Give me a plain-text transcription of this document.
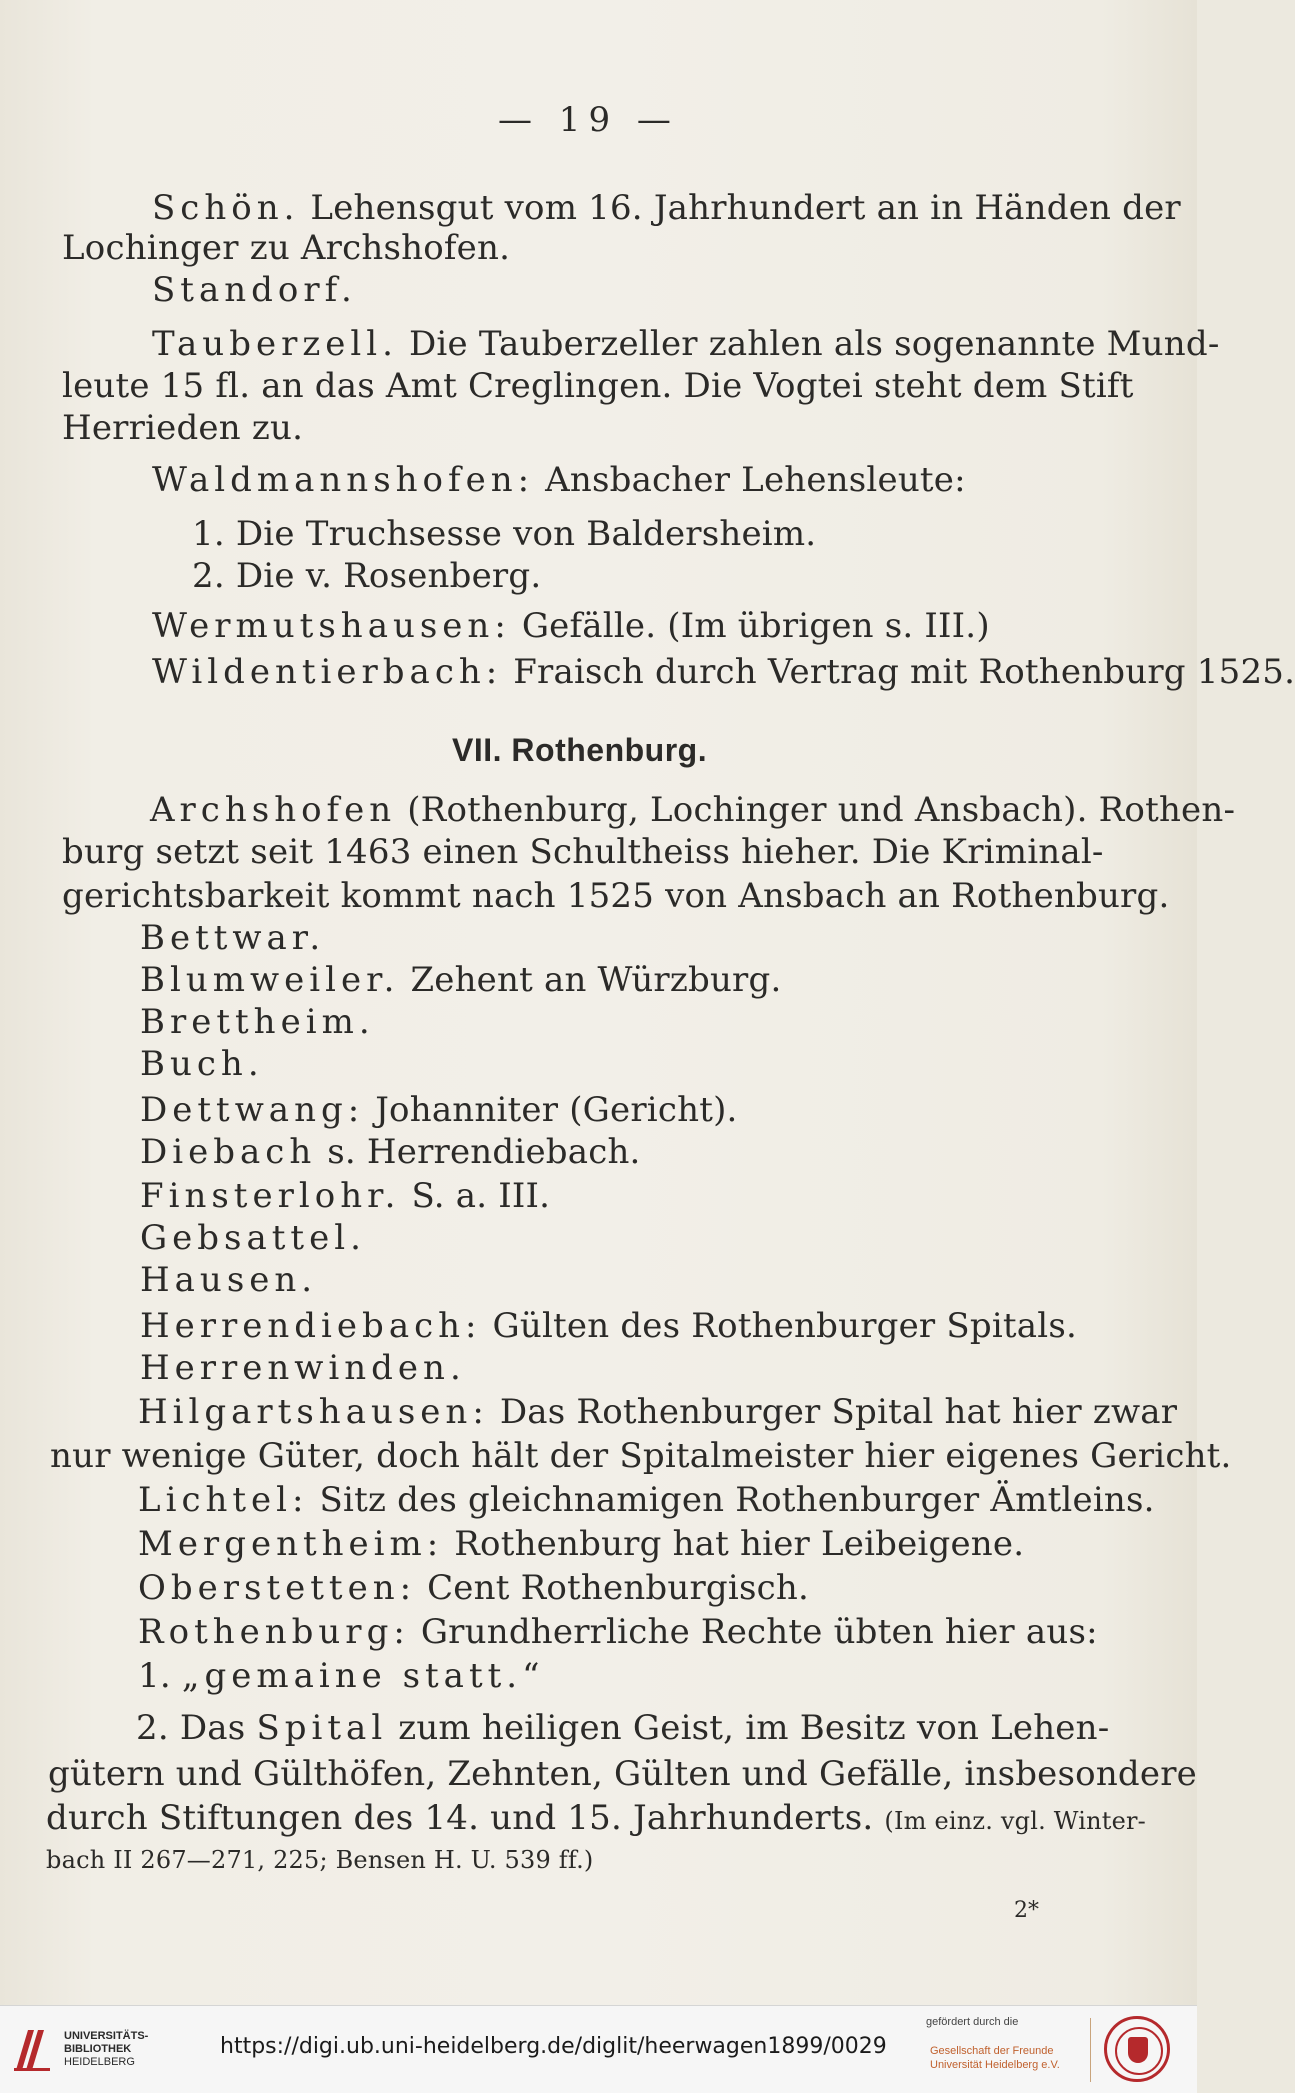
— 19 —
Schön. Lehensgut vom 16. Jahrhundert an in Händen der
Lochinger zu Archshofen.
Standorf.
Tauberzell. Die Tauberzeller zahlen als sogenannte Mund-
leute 15 fl. an das Amt Creglingen. Die Vogtei steht dem Stift
Herrieden zu.
Waldmannshofen: Ansbacher Lehensleute:
1. Die Truchsesse von Baldersheim.
2. Die v. Rosenberg.
Wermutshausen: Gefälle. (Im übrigen s. III.)
Wildentierbach: Fraisch durch Vertrag mit Rothenburg 1525.
VII. Rothenburg.
Archshofen (Rothenburg, Lochinger und Ansbach). Rothen-
burg setzt seit 1463 einen Schultheiss hieher. Die Kriminal-
gerichtsbarkeit kommt nach 1525 von Ansbach an Rothenburg.
Bettwar.
Blumweiler. Zehent an Würzburg.
Brettheim.
Buch.
Dettwang: Johanniter (Gericht).
Diebach s. Herrendiebach.
Finsterlohr. S. a. III.
Gebsattel.
Hausen.
Herrendiebach: Gülten des Rothenburger Spitals.
Herrenwinden.
Hilgartshausen: Das Rothenburger Spital hat hier zwar
nur wenige Güter, doch hält der Spitalmeister hier eigenes Gericht.
Lichtel: Sitz des gleichnamigen Rothenburger Ämtleins.
Mergentheim: Rothenburg hat hier Leibeigene.
Oberstetten: Cent Rothenburgisch.
Rothenburg: Grundherrliche Rechte übten hier aus:
1. „gemaine statt.“
2. Das Spital zum heiligen Geist, im Besitz von Lehen-
gütern und Gülthöfen, Zehnten, Gülten und Gefälle, insbesondere
durch Stiftungen des 14. und 15. Jahrhunderts. (Im einz. vgl. Winter-
bach II 267—271, 225; Bensen H. U. 539 ff.)
2*
UNIVERSITÄTS-
BIBLIOTHEK
HEIDELBERG
https://digi.ub.uni-heidelberg.de/diglit/heerwagen1899/0029
gefördert durch die
Gesellschaft der Freunde
Universität Heidelberg e.V.
